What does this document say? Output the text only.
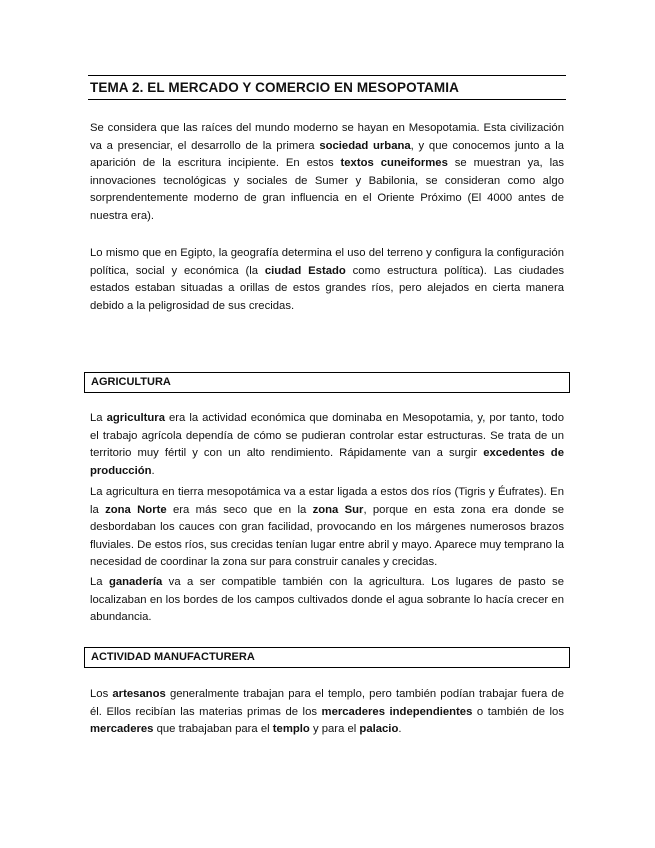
TEMA 2. EL MERCADO Y COMERCIO EN MESOPOTAMIA

Se considera que las raíces del mundo moderno se hayan en Mesopotamia. Esta civilización va a presenciar, el desarrollo de la primera sociedad urbana, y que conocemos junto a la aparición de la escritura incipiente. En estos textos cuneiformes se muestran ya, las innovaciones tecnológicas y sociales de Sumer y Babilonia, se consideran como algo sorprendentemente moderno de gran influencia en el Oriente Próximo (El 4000 antes de nuestra era).

Lo mismo que en Egipto, la geografía determina el uso del terreno y configura la configuración política, social y económica (la ciudad Estado como estructura política). Las ciudades estados estaban situadas a orillas de estos grandes ríos, pero alejados en cierta manera debido a la peligrosidad de sus crecidas.

AGRICULTURA

La agricultura era la actividad económica que dominaba en Mesopotamia, y, por tanto, todo el trabajo agrícola dependía de cómo se pudieran controlar estar estructuras. Se trata de un territorio muy fértil y con un alto rendimiento. Rápidamente van a surgir excedentes de producción.

La agricultura en tierra mesopotámica va a estar ligada a estos dos ríos (Tigris y Éufrates). En la zona Norte era más seco que en la zona Sur, porque en esta zona era donde se desbordaban los cauces con gran facilidad, provocando en los márgenes numerosos brazos fluviales. De estos ríos, sus crecidas tenían lugar entre abril y mayo. Aparece muy temprano la necesidad de coordinar la zona sur para construir canales y crecidas.

La ganadería va a ser compatible también con la agricultura. Los lugares de pasto se localizaban en los bordes de los campos cultivados donde el agua sobrante lo hacía crecer en abundancia.

ACTIVIDAD MANUFACTURERA

Los artesanos generalmente trabajan para el templo, pero también podían trabajar fuera de él. Ellos recibían las materias primas de los mercaderes independientes o también de los mercaderes que trabajaban para el templo y para el palacio.
